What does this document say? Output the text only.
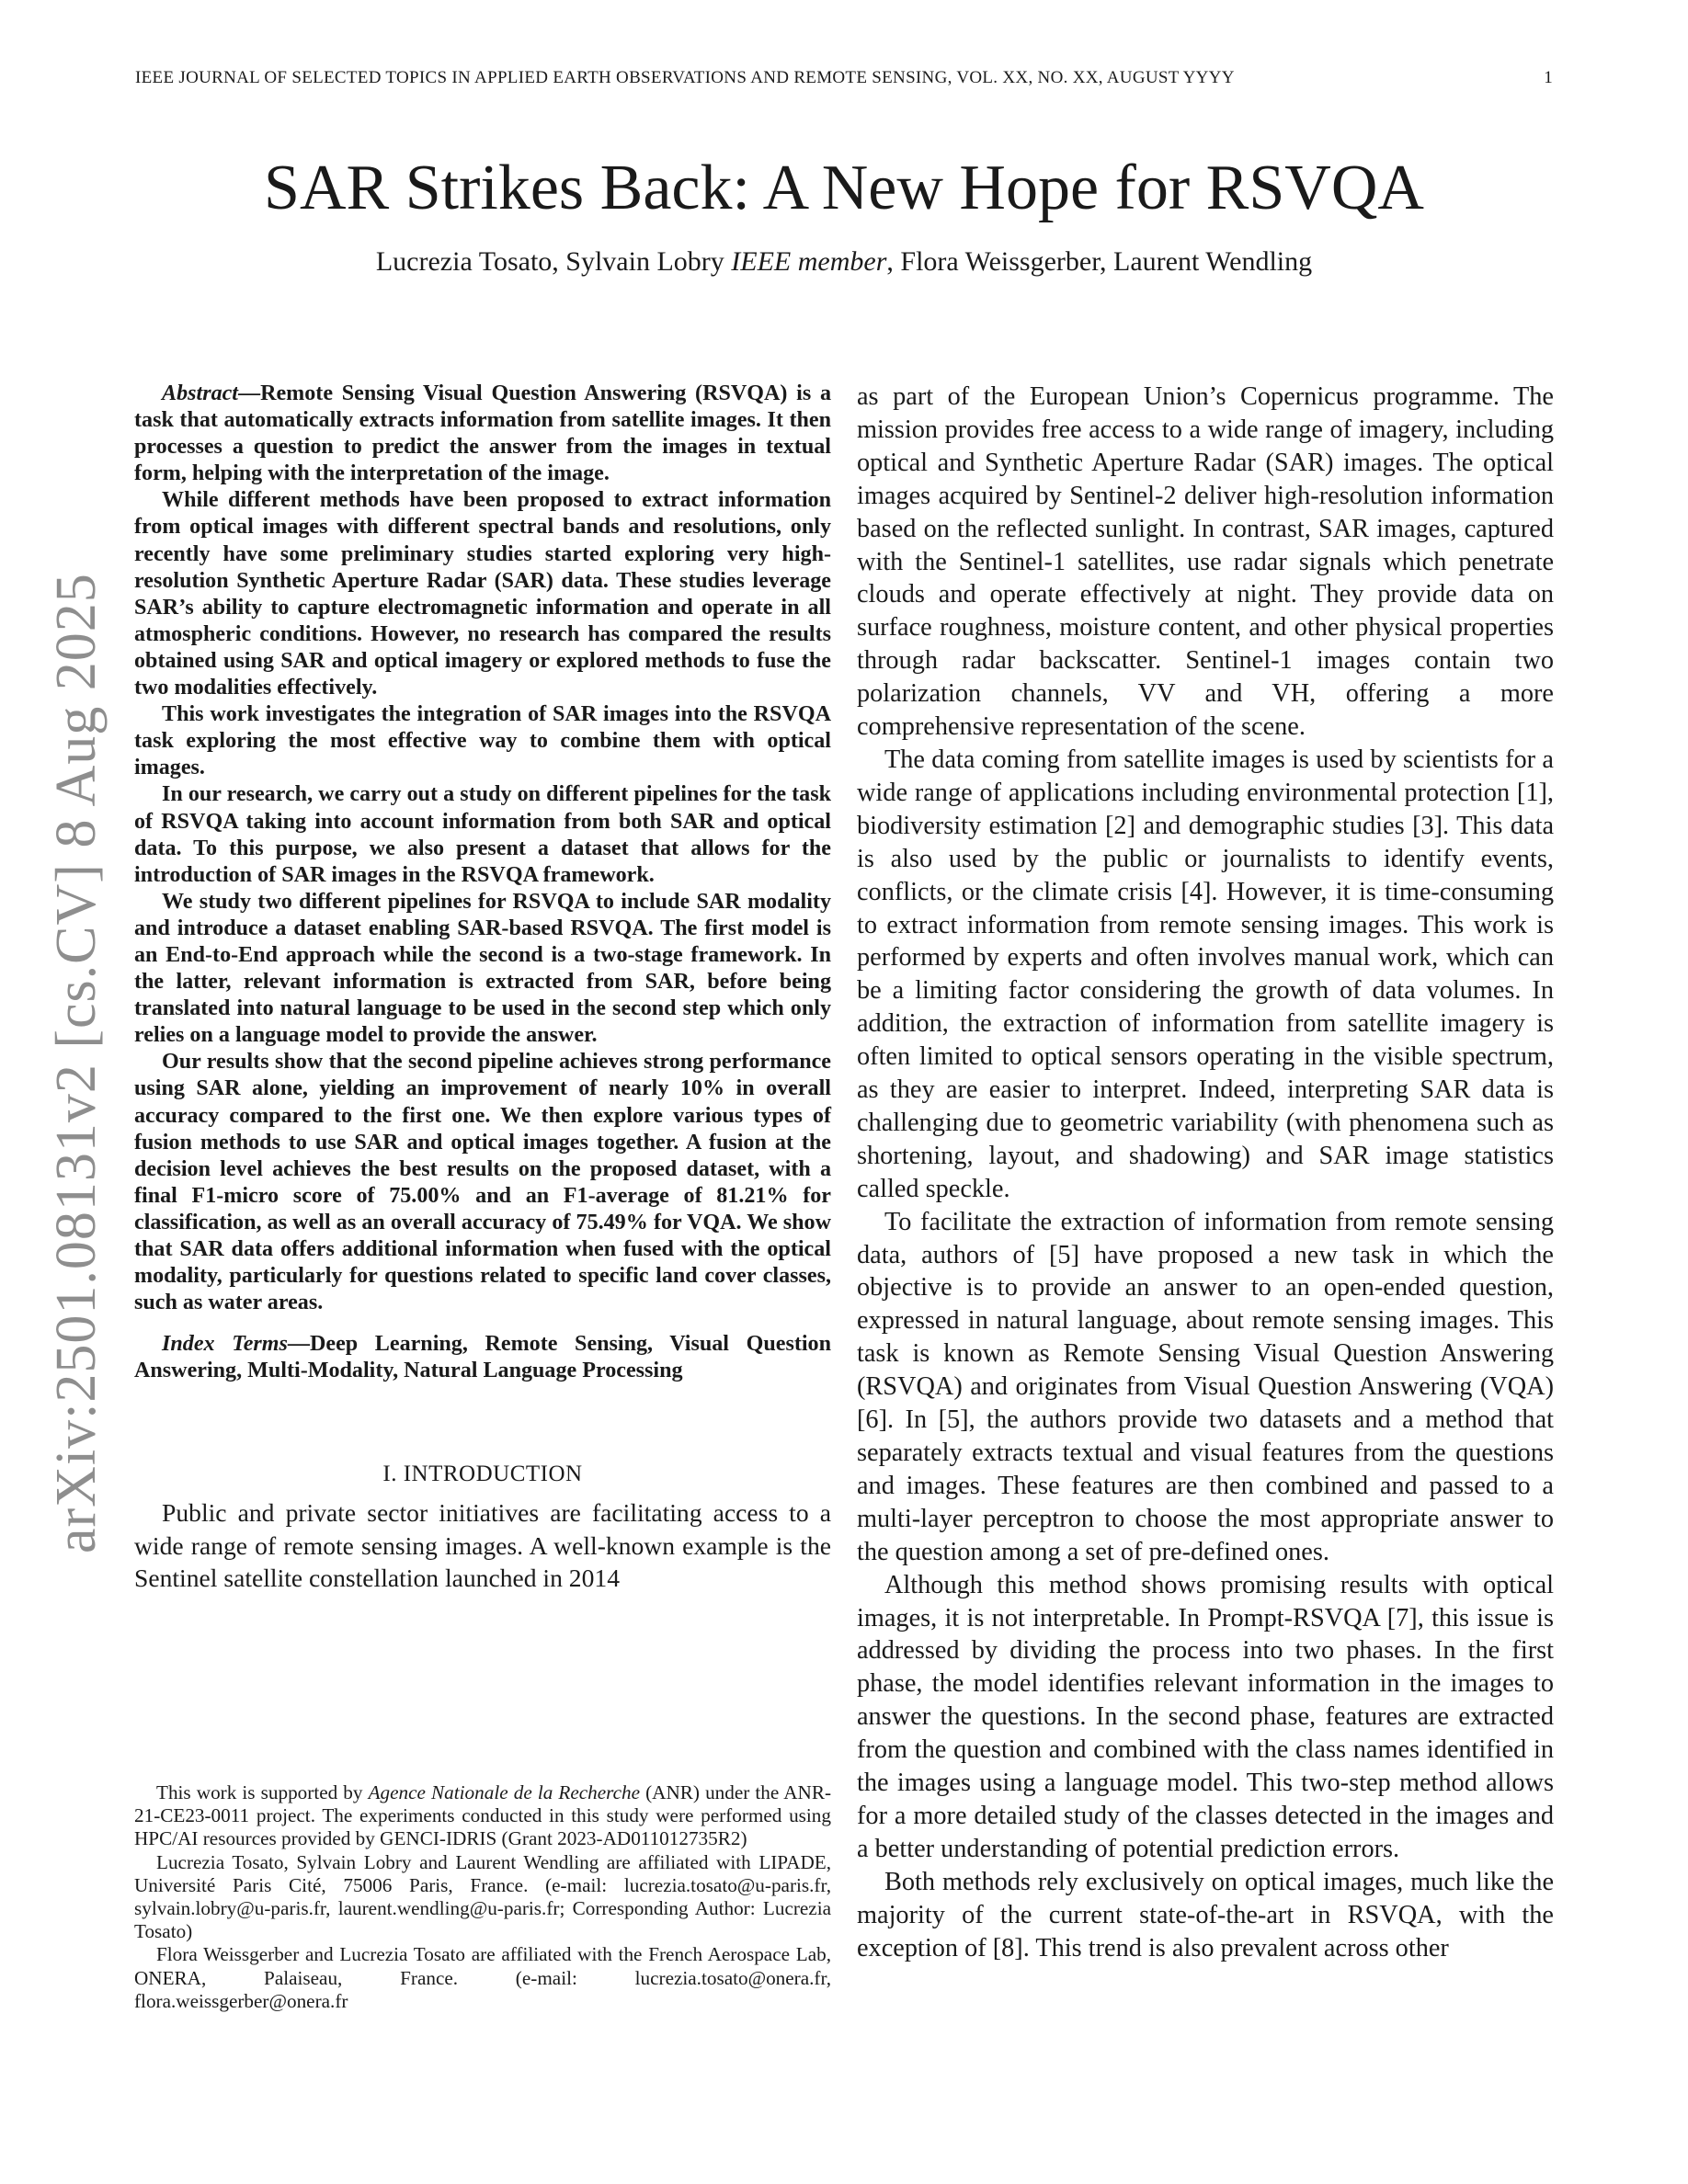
IEEE JOURNAL OF SELECTED TOPICS IN APPLIED EARTH OBSERVATIONS AND REMOTE SENSING, VOL. XX, NO. XX, AUGUST YYYY	1
arXiv:2501.08131v2 [cs.CV] 8 Aug 2025
SAR Strikes Back: A New Hope for RSVQA
Lucrezia Tosato, Sylvain Lobry IEEE member, Flora Weissgerber, Laurent Wendling

Abstract—Remote Sensing Visual Question Answering (RSVQA) is a task that automatically extracts information from satellite images. It then processes a question to predict the answer from the images in textual form, helping with the interpretation of the image.

While different methods have been proposed to extract information from optical images with different spectral bands and resolutions, only recently have some preliminary studies started exploring very high-resolution Synthetic Aperture Radar (SAR) data. These studies leverage SAR’s ability to capture electromagnetic information and operate in all atmospheric conditions. However, no research has compared the results obtained using SAR and optical imagery or explored methods to fuse the two modalities effectively.

This work investigates the integration of SAR images into the RSVQA task exploring the most effective way to combine them with optical images.

In our research, we carry out a study on different pipelines for the task of RSVQA taking into account information from both SAR and optical data. To this purpose, we also present a dataset that allows for the introduction of SAR images in the RSVQA framework.

We study two different pipelines for RSVQA to include SAR modality and introduce a dataset enabling SAR-based RSVQA. The first model is an End-to-End approach while the second is a two-stage framework. In the latter, relevant information is extracted from SAR, before being translated into natural language to be used in the second step which only relies on a language model to provide the answer.

Our results show that the second pipeline achieves strong performance using SAR alone, yielding an improvement of nearly 10% in overall accuracy compared to the first one. We then explore various types of fusion methods to use SAR and optical images together. A fusion at the decision level achieves the best results on the proposed dataset, with a final F1-micro score of 75.00% and an F1-average of 81.21% for classification, as well as an overall accuracy of 75.49% for VQA. We show that SAR data offers additional information when fused with the optical modality, particularly for questions related to specific land cover classes, such as water areas.

Index Terms—Deep Learning, Remote Sensing, Visual Question Answering, Multi-Modality, Natural Language Processing

I. INTRODUCTION

Public and private sector initiatives are facilitating access to a wide range of remote sensing images. A well-known example is the Sentinel satellite constellation launched in 2014

This work is supported by Agence Nationale de la Recherche (ANR) under the ANR-21-CE23-0011 project. The experiments conducted in this study were performed using HPC/AI resources provided by GENCI-IDRIS (Grant 2023-AD011012735R2)

Lucrezia Tosato, Sylvain Lobry and Laurent Wendling are affiliated with LIPADE, Université Paris Cité, 75006 Paris, France. (e-mail: lucrezia.tosato@u-paris.fr, sylvain.lobry@u-paris.fr, laurent.wendling@u-paris.fr; Corresponding Author: Lucrezia Tosato)

Flora Weissgerber and Lucrezia Tosato are affiliated with the French Aerospace Lab, ONERA, Palaiseau, France. (e-mail: lucrezia.tosato@onera.fr, flora.weissgerber@onera.fr

as part of the European Union’s Copernicus programme. The mission provides free access to a wide range of imagery, including optical and Synthetic Aperture Radar (SAR) images. The optical images acquired by Sentinel-2 deliver high-resolution information based on the reflected sunlight. In contrast, SAR images, captured with the Sentinel-1 satellites, use radar signals which penetrate clouds and operate effectively at night. They provide data on surface roughness, moisture content, and other physical properties through radar backscatter. Sentinel-1 images contain two polarization channels, VV and VH, offering a more comprehensive representation of the scene.

The data coming from satellite images is used by scientists for a wide range of applications including environmental protection [1], biodiversity estimation [2] and demographic studies [3]. This data is also used by the public or journalists to identify events, conflicts, or the climate crisis [4]. However, it is time-consuming to extract information from remote sensing images. This work is performed by experts and often involves manual work, which can be a limiting factor considering the growth of data volumes. In addition, the extraction of information from satellite imagery is often limited to optical sensors operating in the visible spectrum, as they are easier to interpret. Indeed, interpreting SAR data is challenging due to geometric variability (with phenomena such as shortening, layout, and shadowing) and SAR image statistics called speckle.

To facilitate the extraction of information from remote sensing data, authors of [5] have proposed a new task in which the objective is to provide an answer to an open-ended question, expressed in natural language, about remote sensing images. This task is known as Remote Sensing Visual Question Answering (RSVQA) and originates from Visual Question Answering (VQA) [6]. In [5], the authors provide two datasets and a method that separately extracts textual and visual features from the questions and images. These features are then combined and passed to a multi-layer perceptron to choose the most appropriate answer to the question among a set of pre-defined ones.

Although this method shows promising results with optical images, it is not interpretable. In Prompt-RSVQA [7], this issue is addressed by dividing the process into two phases. In the first phase, the model identifies relevant information in the images to answer the questions. In the second phase, features are extracted from the question and combined with the class names identified in the images using a language model. This two-step method allows for a more detailed study of the classes detected in the images and a better understanding of potential prediction errors.

Both methods rely exclusively on optical images, much like the majority of the current state-of-the-art in RSVQA, with the exception of [8]. This trend is also prevalent across other
